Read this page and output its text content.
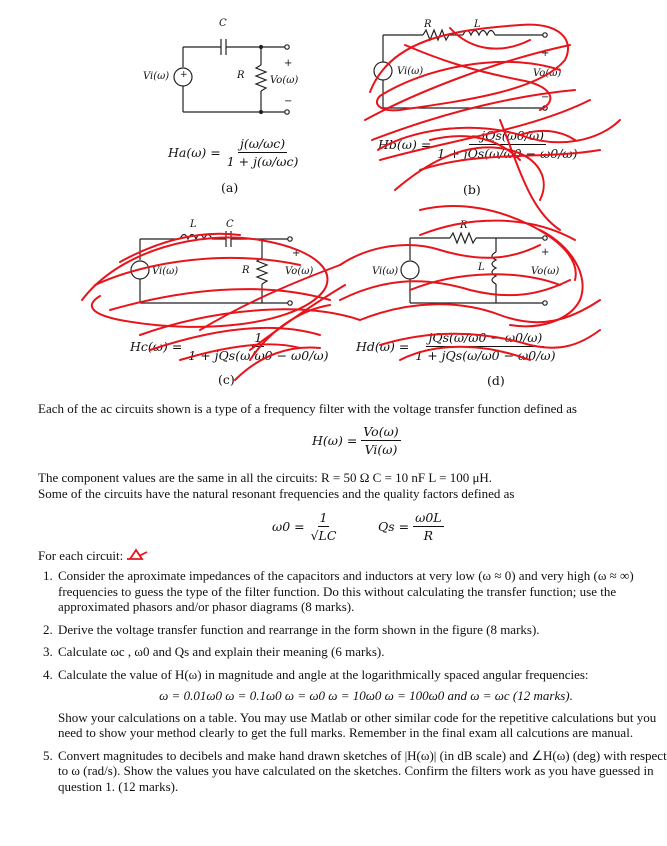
C
R
+
−
Vi(ω)	Vo(ω)
+
$Ha(\omega) = \frac{j(\omega/\omega c)}{1 + j(\omega/\omega c)}$
(a)
R	L
Vi(ω)	Vo(ω)
+
−
$Hb(\omega) = \frac{\text{−jQs(ω0/ω)}}{\text{1 + jQs(ω/ω0 − ω0/ω)}}$
(b)
L	C
R
Vi(ω)	Vo(ω)
+
$Hc(\omega) = \frac{1}{\text{1 + jQs(ω/ω0 − ω0/ω)}}$
(c)
R
L
Vi(ω)	Vo(ω)
+
$Hd(\omega) = \frac{\text{jQs(ω/ω0 − ω0/ω)}}{\text{1 + jQs(ω/ω0 − ω0/ω)}}$
(d)
Each of the ac circuits shown is a type of a frequency filter with the voltage transfer function defined as
$H(\omega) = \frac{Vo(\omega)}{Vi(\omega)}$
The component values are the same in all the circuits: R = 50 Ω C = 10 nF L = 100 μH.
Some of the circuits have the natural resonant frequencies and the quality factors defined as
$\omega 0 = \frac{1}{√LC}$	$Qs = \frac{\omega 0L}{R}$
For each circuit:
1. Consider the aproximate impedances of the capacitors and inductors at very low (ω ≈ 0) and very high (ω ≈ ∞) frequencies to guess the type of the filter function. Do this without calculating the transfer function; use the approximated phasors and/or phasor diagrams (8 marks).
2. Derive the voltage transfer function and rearrange in the form shown in the figure (8 marks).
3. Calculate ωc , ω0 and Qs and explain their meaning (6 marks).
4. Calculate the value of H(ω) in magnitude and angle at the logarithmically spaced angular frequencies:
ω = 0.01ω0 ω = 0.1ω0 ω = ω0 ω = 10ω0 ω = 100ω0 and ω = ωc (12 marks).
Show your calculations on a table. You may use Matlab or other similar code for the repetitive calculations but you need to show your method clearly to get the full marks. Remember in the final exam all calcutions are manual.
5. Convert magnitudes to decibels and make hand drawn sketches of |H(ω)| (in dB scale) and ∠H(ω) (deg) with respect to ω (rad/s). Show the values you have calculated on the sketches. Confirm the filters work as you have guessed in question 1. (12 marks).
